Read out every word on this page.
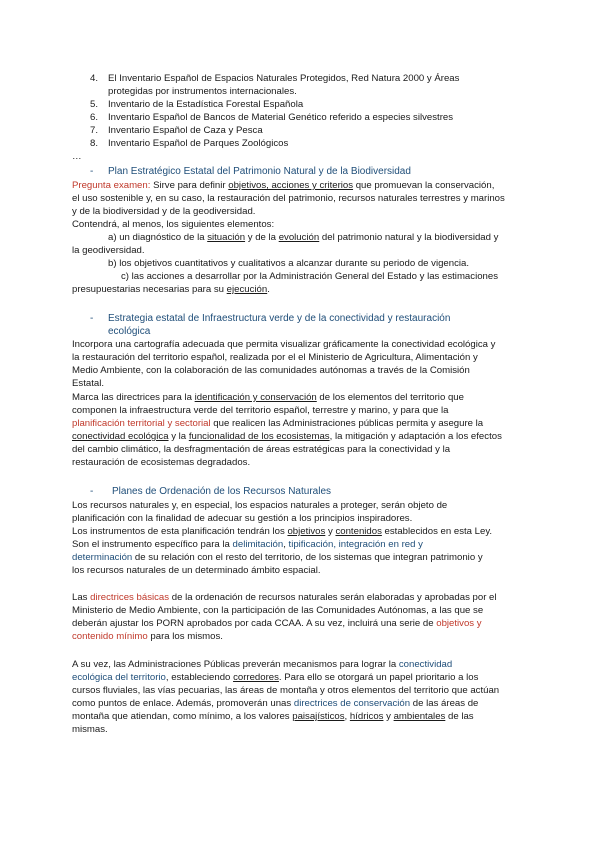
4. El Inventario Español de Espacios Naturales Protegidos, Red Natura 2000 y Áreas
protegidas por instrumentos internacionales.
5. Inventario de la Estadística Forestal Española
6. Inventario Español de Bancos de Material Genético referido a especies silvestres
7. Inventario Español de Caza y Pesca
8. Inventario Español de Parques Zoológicos
…
- Plan Estratégico Estatal del Patrimonio Natural y de la Biodiversidad
Pregunta examen: Sirve para definir objetivos, acciones y criterios que promuevan la conservación,
el uso sostenible y, en su caso, la restauración del patrimonio, recursos naturales terrestres y marinos
y de la biodiversidad y de la geodiversidad.
Contendrá, al menos, los siguientes elementos:
a) un diagnóstico de la situación y de la evolución del patrimonio natural y la biodiversidad y
la geodiversidad.
b) los objetivos cuantitativos y cualitativos a alcanzar durante su periodo de vigencia.
c) las acciones a desarrollar por la Administración General del Estado y las estimaciones
presupuestarias necesarias para su ejecución.
- Estrategia estatal de Infraestructura verde y de la conectividad y restauración
ecológica
Incorpora una cartografía adecuada que permita visualizar gráficamente la conectividad ecológica y
la restauración del territorio español, realizada por el el Ministerio de Agricultura, Alimentación y
Medio Ambiente, con la colaboración de las comunidades autónomas a través de la Comisión
Estatal.
Marca las directrices para la identificación y conservación de los elementos del territorio que
componen la infraestructura verde del territorio español, terrestre y marino, y para que la
planificación territorial y sectorial que realicen las Administraciones públicas permita y asegure la
conectividad ecológica y la funcionalidad de los ecosistemas, la mitigación y adaptación a los efectos
del cambio climático, la desfragmentación de áreas estratégicas para la conectividad y la
restauración de ecosistemas degradados.
- Planes de Ordenación de los Recursos Naturales
Los recursos naturales y, en especial, los espacios naturales a proteger, serán objeto de
planificación con la finalidad de adecuar su gestión a los principios inspiradores.
Los instrumentos de esta planificación tendrán los objetivos y contenidos establecidos en esta Ley.
Son el instrumento específico para la delimitación, tipificación, integración en red y
determinación de su relación con el resto del territorio, de los sistemas que integran patrimonio y
los recursos naturales de un determinado ámbito espacial.
Las directrices básicas de la ordenación de recursos naturales serán elaboradas y aprobadas por el
Ministerio de Medio Ambiente, con la participación de las Comunidades Autónomas, a las que se
deberán ajustar los PORN aprobados por cada CCAA. A su vez, incluirá una serie de objetivos y
contenido mínimo para los mismos.
A su vez, las Administraciones Públicas preverán mecanismos para lograr la conectividad
ecológica del territorio, estableciendo corredores. Para ello se otorgará un papel prioritario a los
cursos fluviales, las vías pecuarias, las áreas de montaña y otros elementos del territorio que actúan
como puntos de enlace. Además, promoverán unas directrices de conservación de las áreas de
montaña que atiendan, como mínimo, a los valores paisajísticos, hídricos y ambientales de las
mismas.
